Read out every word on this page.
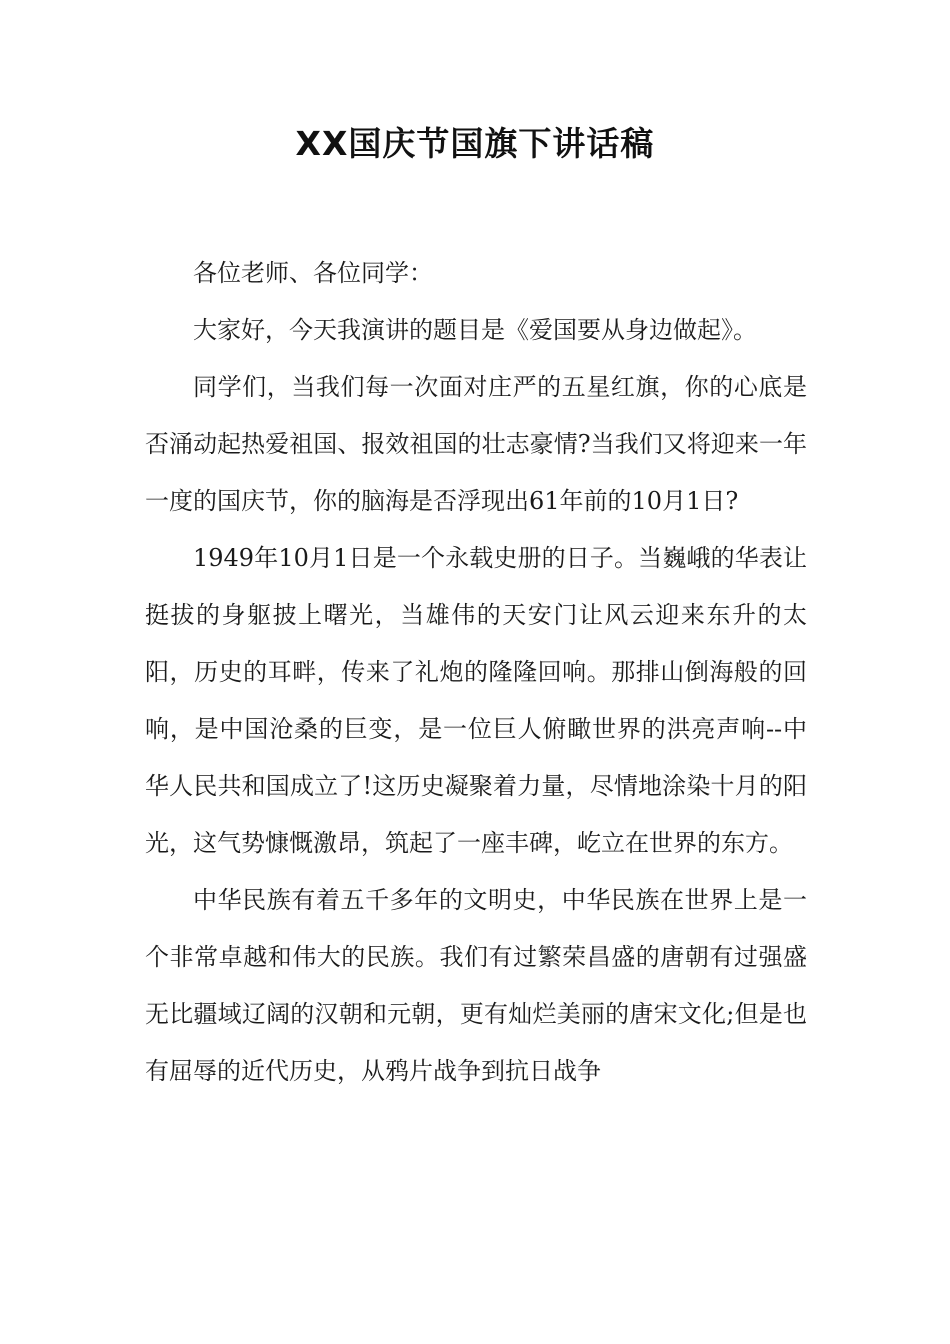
XX国庆节国旗下讲话稿

各位老师、各位同学：

大家好，今天我演讲的题目是《爱国要从身边做起》。

同学们，当我们每一次面对庄严的五星红旗，你的心底是否涌动起热爱祖国、报效祖国的壮志豪情?当我们又将迎来一年一度的国庆节，你的脑海是否浮现出61年前的10月1日?

1949年10月1日是一个永载史册的日子。当巍峨的华表让挺拔的身躯披上曙光，当雄伟的天安门让风云迎来东升的太阳，历史的耳畔，传来了礼炮的隆隆回响。那排山倒海般的回响，是中国沧桑的巨变，是一位巨人俯瞰世界的洪亮声响--中华人民共和国成立了!这历史凝聚着力量，尽情地涂染十月的阳光，这气势慷慨激昂，筑起了一座丰碑，屹立在世界的东方。

中华民族有着五千多年的文明史，中华民族在世界上是一个非常卓越和伟大的民族。我们有过繁荣昌盛的唐朝有过强盛无比疆域辽阔的汉朝和元朝，更有灿烂美丽的唐宋文化;但是也有屈辱的近代历史，从鸦片战争到抗日战争
